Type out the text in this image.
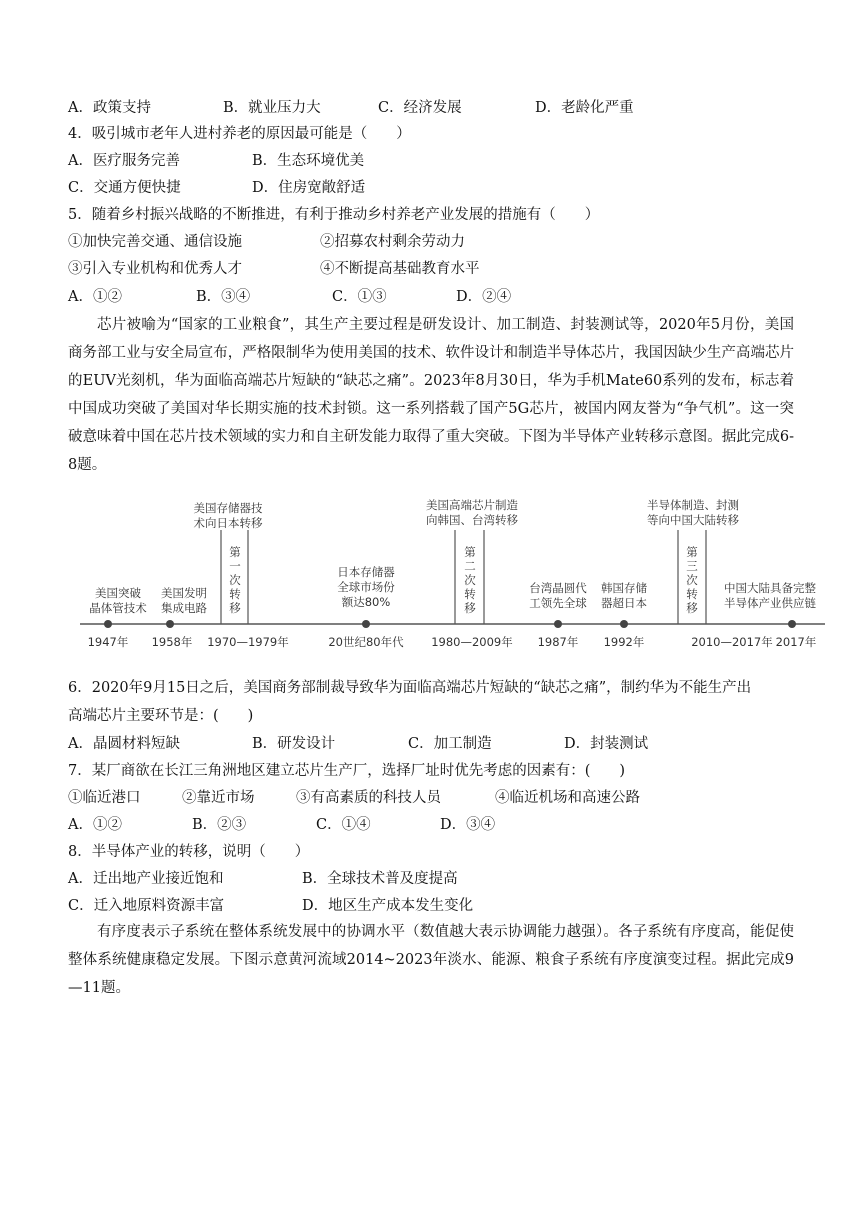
A．政策支持	B．就业压力大	C．经济发展	D．老龄化严重
4．吸引城市老年人进村养老的原因最可能是（　　）
A．医疗服务完善	B．生态环境优美
C．交通方便快捷	D．住房宽敞舒适
5．随着乡村振兴战略的不断推进，有利于推动乡村养老产业发展的措施有（　　）
①加快完善交通、通信设施	②招募农村剩余劳动力
③引入专业机构和优秀人才	④不断提高基础教育水平
A．①②	B．③④	C．①③	D．②④
芯片被喻为“国家的工业粮食”，其生产主要过程是研发设计、加工制造、封装测试等，2020年5月份，美国商务部工业与安全局宣布，严格限制华为使用美国的技术、软件设计和制造半导体芯片，我国因缺少生产高端芯片的EUV光刻机，华为面临高端芯片短缺的“缺芯之痛”。2023年8月30日，华为手机Mate60系列的发布，标志着中国成功突破了美国对华长期实施的技术封锁。这一系列搭载了国产5G芯片，被国内网友誉为“争气机”。这一突破意味着中国在芯片技术领域的实力和自主研发能力取得了重大突破。下图为半导体产业转移示意图。据此完成6-8题。
美国突破
晶体管技术
美国发明
集成电路
美国存储器技
术向日本转移
日本存储器
全球市场份
额达80%
美国高端芯片制造
向韩国、台湾转移
台湾晶圆代
工领先全球
韩国存储
器超日本
半导体制造、封测
等向中国大陆转移
中国大陆具备完整
半导体产业供应链
第
一
次
转
移
第
二
次
转
移
第
三
次
转
移
1947年 1958年 1970—1979年	20世纪80年代 1980—2009年 1987年 1992年	2010—2017年 2017年
6．2020年9月15日之后，美国商务部制裁导致华为面临高端芯片短缺的“缺芯之痛”，制约华为不能生产出
高端芯片主要环节是：(　　)
A．晶圆材料短缺	B．研发设计	C．加工制造	D．封装测试
7．某厂商欲在长江三角洲地区建立芯片生产厂，选择厂址时优先考虑的因素有：(　　)
①临近港口	②靠近市场	③有高素质的科技人员	④临近机场和高速公路
A．①②	B．②③	C．①④	D．③④
8．半导体产业的转移，说明（　　）
A．迁出地产业接近饱和	B．全球技术普及度提高
C．迁入地原料资源丰富	D．地区生产成本发生变化
有序度表示子系统在整体系统发展中的协调水平（数值越大表示协调能力越强）。各子系统有序度高，能促使整体系统健康稳定发展。下图示意黄河流域2014~2023年淡水、能源、粮食子系统有序度演变过程。据此完成9—11题。
